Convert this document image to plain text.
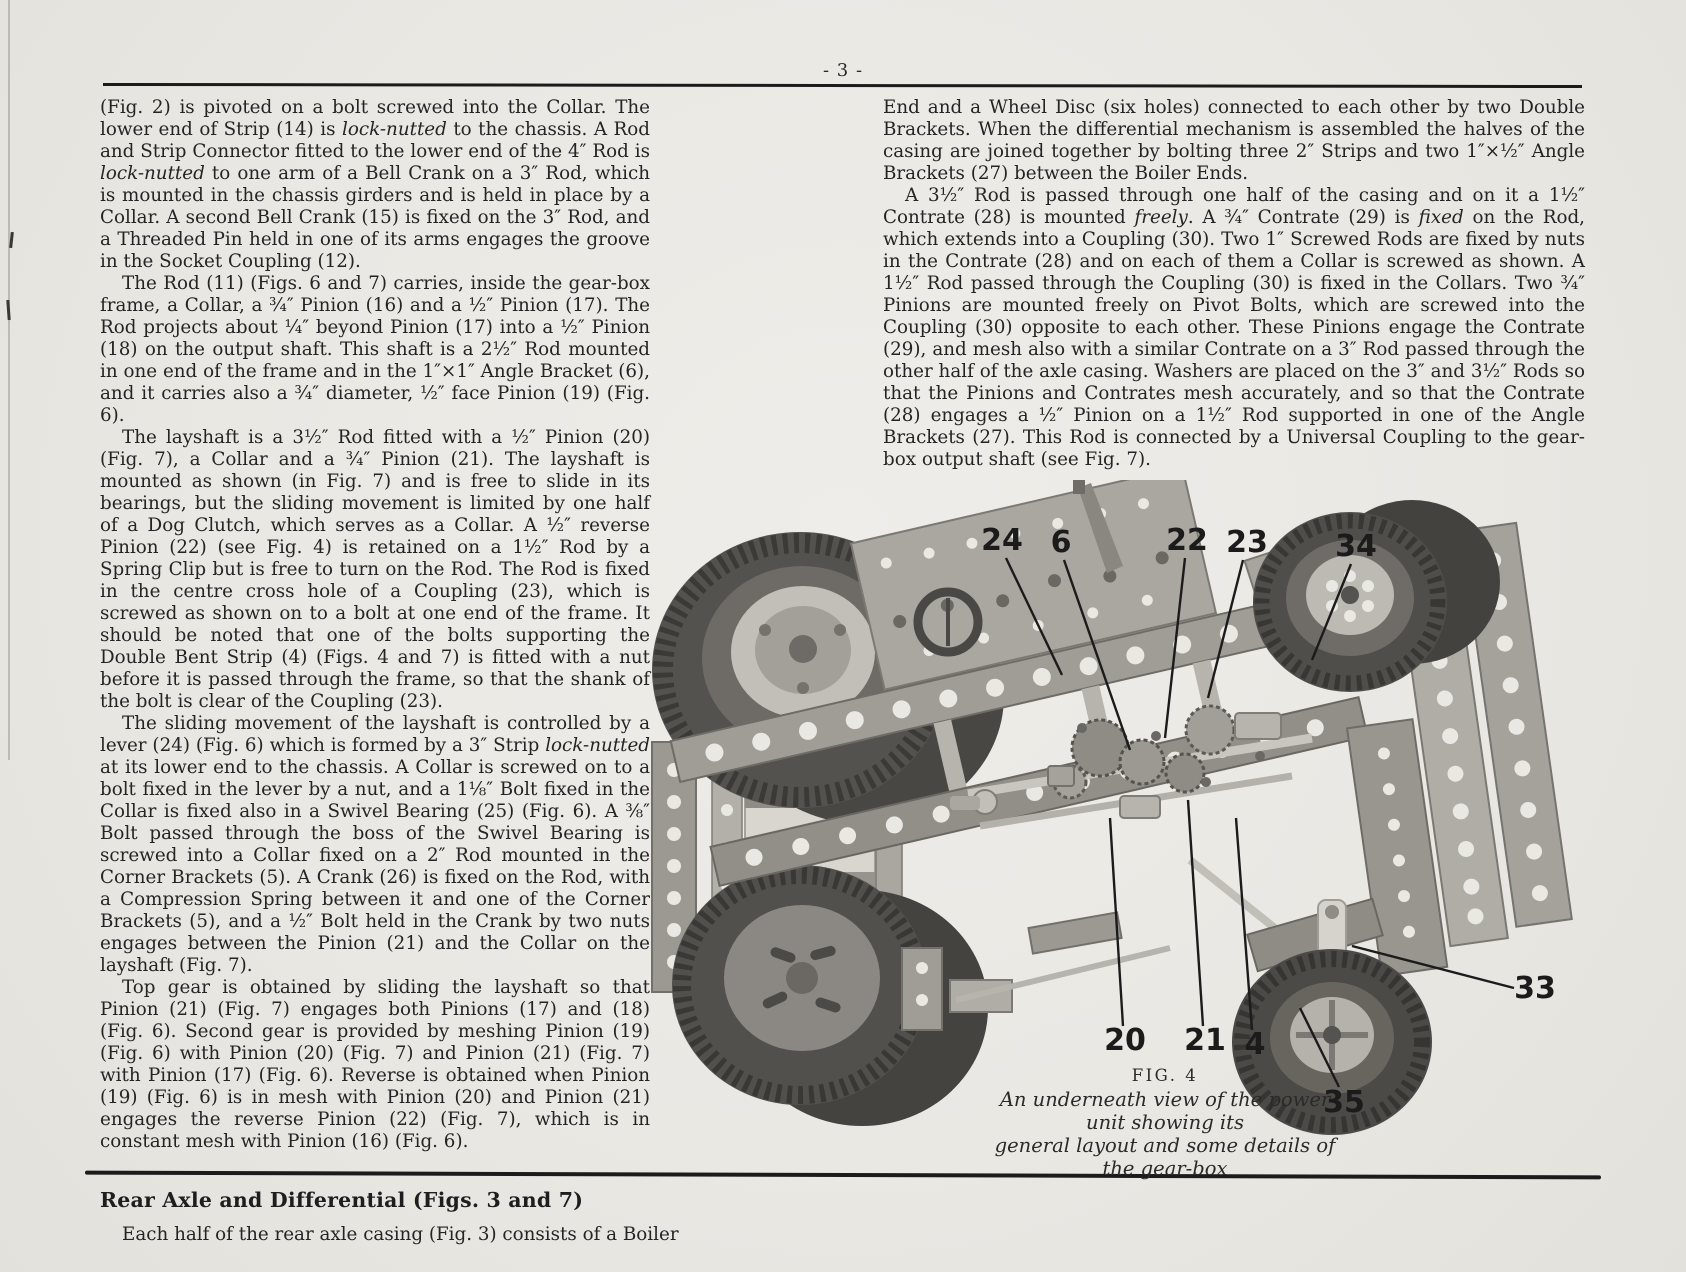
- 3 -

(Fig. 2) is pivoted on a bolt screwed into the Collar. The lower end of Strip (14) is lock-nutted to the chassis. A Rod and Strip Connector fitted to the lower end of the 4″ Rod is lock-nutted to one arm of a Bell Crank on a 3″ Rod, which is mounted in the chassis girders and is held in place by a Collar. A second Bell Crank (15) is fixed on the 3″ Rod, and a Threaded Pin held in one of its arms engages the groove in the Socket Coupling (12).

The Rod (11) (Figs. 6 and 7) carries, inside the gear-box frame, a Collar, a ¾″ Pinion (16) and a ½″ Pinion (17). The Rod projects about ¼″ beyond Pinion (17) into a ½″ Pinion (18) on the output shaft. This shaft is a 2½″ Rod mounted in one end of the frame and in the 1″×1″ Angle Bracket (6), and it carries also a ¾″ diameter, ½″ face Pinion (19) (Fig. 6).

The layshaft is a 3½″ Rod fitted with a ½″ Pinion (20) (Fig. 7), a Collar and a ¾″ Pinion (21). The layshaft is mounted as shown (in Fig. 7) and is free to slide in its bearings, but the sliding movement is limited by one half of a Dog Clutch, which serves as a Collar. A ½″ reverse Pinion (22) (see Fig. 4) is retained on a 1½″ Rod by a Spring Clip but is free to turn on the Rod. The Rod is fixed in the centre cross hole of a Coupling (23), which is screwed as shown on to a bolt at one end of the frame. It should be noted that one of the bolts supporting the Double Bent Strip (4) (Figs. 4 and 7) is fitted with a nut before it is passed through the frame, so that the shank of the bolt is clear of the Coupling (23).

The sliding movement of the layshaft is controlled by a lever (24) (Fig. 6) which is formed by a 3″ Strip lock-nutted at its lower end to the chassis. A Collar is screwed on to a bolt fixed in the lever by a nut, and a 1⅛″ Bolt fixed in the Collar is fixed also in a Swivel Bearing (25) (Fig. 6). A ⅜″ Bolt passed through the boss of the Swivel Bearing is screwed into a Collar fixed on a 2″ Rod mounted in the Corner Brackets (5). A Crank (26) is fixed on the Rod, with a Compression Spring between it and one of the Corner Brackets (5), and a ½″ Bolt held in the Crank by two nuts engages between the Pinion (21) and the Collar on the layshaft (Fig. 7).

Top gear is obtained by sliding the layshaft so that Pinion (21) (Fig. 7) engages both Pinions (17) and (18) (Fig. 6). Second gear is provided by meshing Pinion (19) (Fig. 6) with Pinion (20) (Fig. 7) and Pinion (21) (Fig. 7) with Pinion (17) (Fig. 6). Reverse is obtained when Pinion (19) (Fig. 6) is in mesh with Pinion (20) and Pinion (21) engages the reverse Pinion (22) (Fig. 7), which is in constant mesh with Pinion (16) (Fig. 6).

Rear Axle and Differential (Figs. 3 and 7)

Each half of the rear axle casing (Fig. 3) consists of a Boiler

End and a Wheel Disc (six holes) connected to each other by two Double Brackets. When the differential mechanism is assembled the halves of the casing are joined together by bolting three 2″ Strips and two 1″×½″ Angle Brackets (27) between the Boiler Ends.

A 3½″ Rod is passed through one half of the casing and on it a 1½″ Contrate (28) is mounted freely. A ¾″ Contrate (29) is fixed on the Rod, which extends into a Coupling (30). Two 1″ Screwed Rods are fixed by nuts in the Contrate (28) and on each of them a Collar is screwed as shown. A 1½″ Rod passed through the Coupling (30) is fixed in the Collars. Two ¾″ Pinions are mounted freely on Pivot Bolts, which are screwed into the Coupling (30) opposite to each other. These Pinions engage the Contrate (29), and mesh also with a similar Contrate on a 3″ Rod passed through the other half of the axle casing. Washers are placed on the 3″ and 3½″ Rods so that the Pinions and Contrates mesh accurately, and so that the Contrate (28) engages a ½″ Pinion on a 1½″ Rod supported in one of the Angle Brackets (27). This Rod is connected by a Universal Coupling to the gear-box output shaft (see Fig. 7).

24 6	22 23 34
20 21 4
35
33
FIG. 4
An underneath view of the power unit showing its
general layout and some details of the gear-box
